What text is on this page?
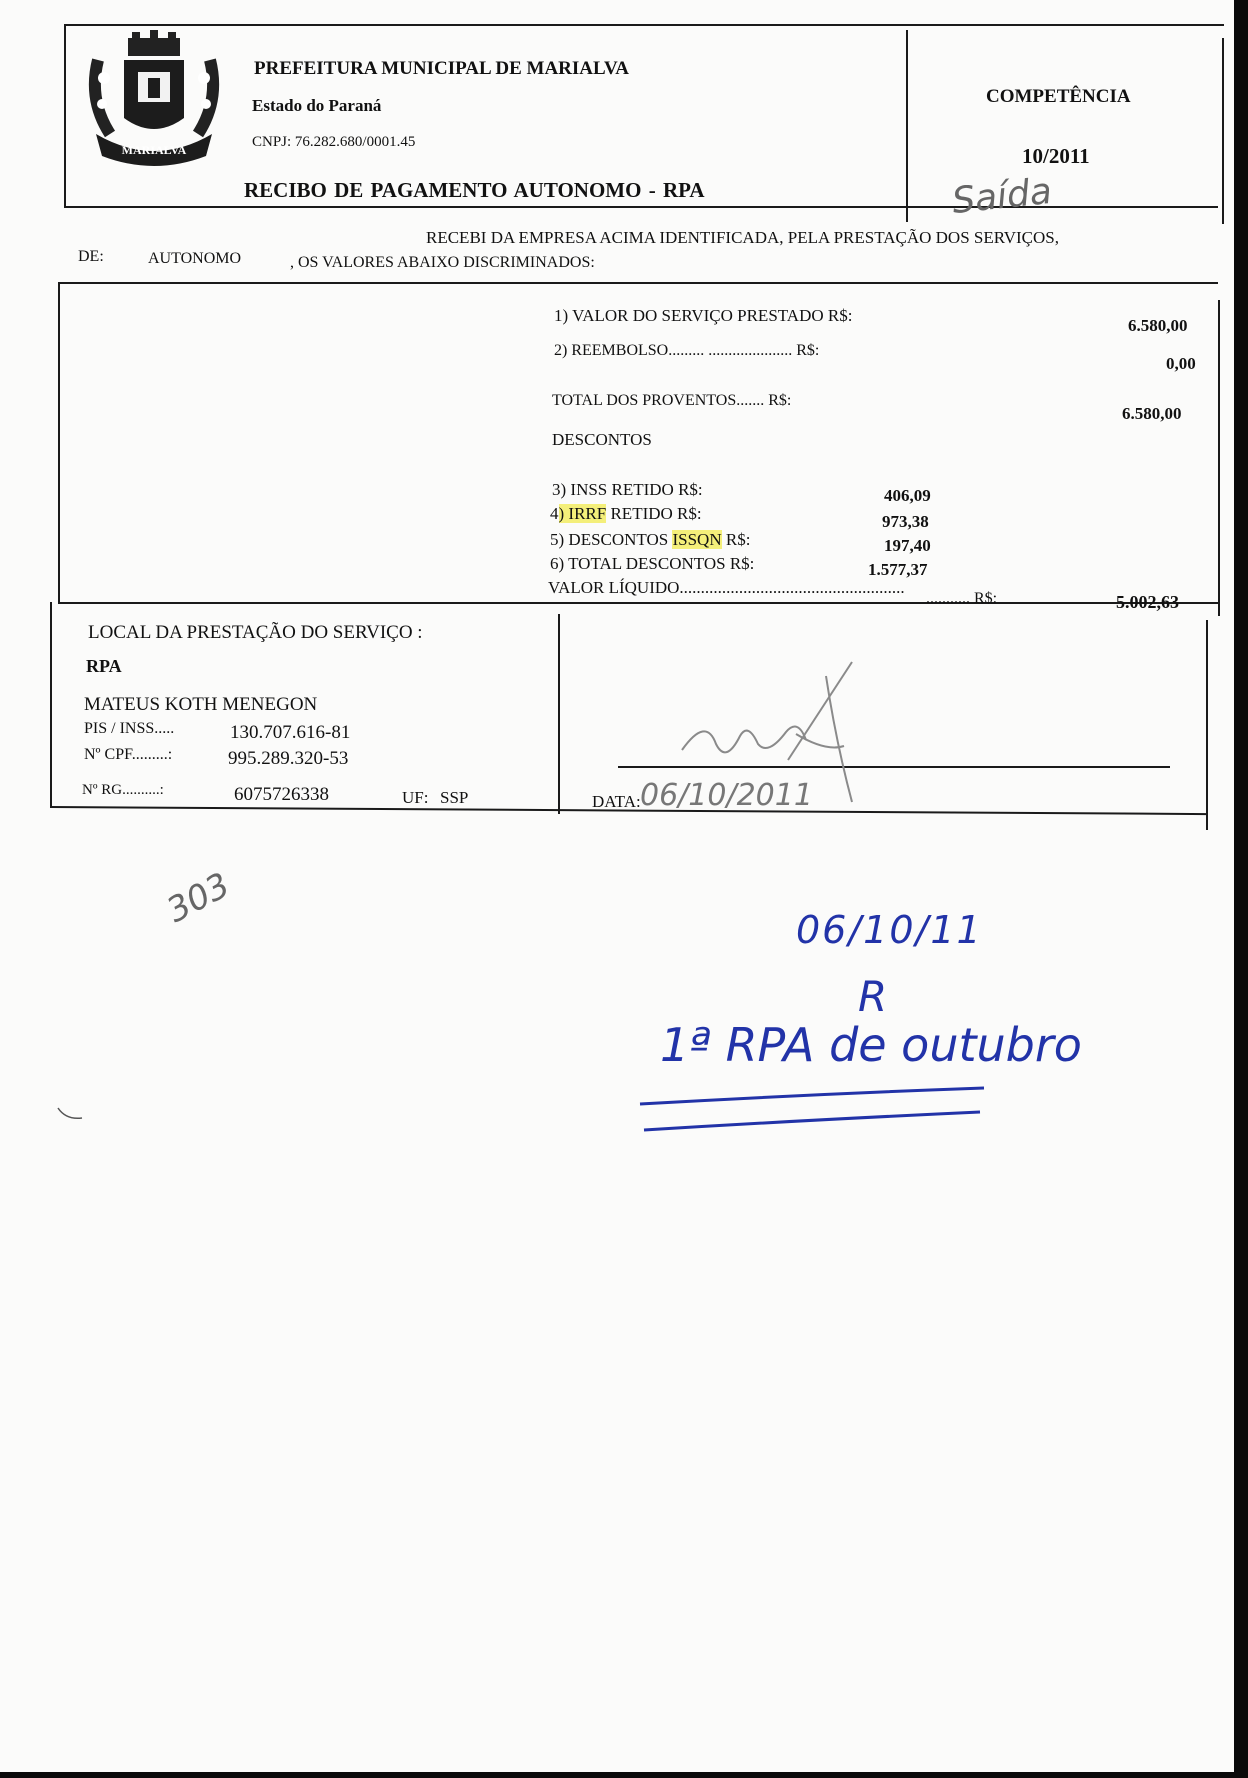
MARIALVA
PREFEITURA MUNICIPAL DE MARIALVA
Estado do Paraná
CNPJ: 76.282.680/0001.45
RECIBO DE PAGAMENTO AUTONOMO - RPA
COMPETÊNCIA
10/2011
Saída
RECEBI DA EMPRESA ACIMA IDENTIFICADA, PELA PRESTAÇÃO DOS SERVIÇOS,
DE:	AUTONOMO	, OS VALORES ABAIXO DISCRIMINADOS:
1) VALOR DO SERVIÇO PRESTADO R$:
6.580,00
2) REEMBOLSO......... ..................... R$:
0,00
TOTAL DOS PROVENTOS....... R$:
6.580,00
DESCONTOS
3) INSS RETIDO R$:	406,09
4) IRRF RETIDO R$:	973,38
5) DESCONTOS ISSQN R$:	197,40
6) TOTAL DESCONTOS R$:	1.577,37
VALOR LÍQUIDO.....................................................
........... R$:	5.002,63
LOCAL DA PRESTAÇÃO DO SERVIÇO :
RPA
MATEUS KOTH MENEGON
PIS / INSS.....	130.707.616-81
Nº CPF.........:	995.289.320-53
Nº RG..........:	6075726338	UF: SSP	DATA: 06/10/2011
303	06/10/11
R
1ª RPA de outubro
